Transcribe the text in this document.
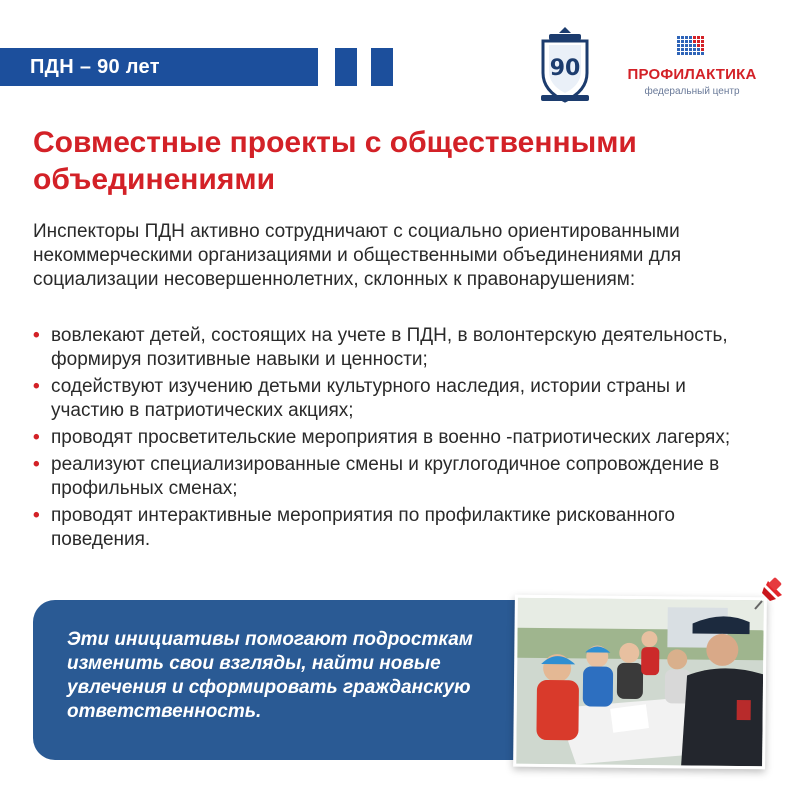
ПДН – 90 лет	90	ПРОФИЛАКТИКА
федеральный центр
Совместные проекты с общественными объединениями
Инспекторы ПДН активно сотрудничают с социально ориентированными некоммерческими организациями и общественными объединениями для социализации несовершеннолетних, склонных к правонарушениям:
• вовлекают детей, состоящих на учете в ПДН, в волонтерскую деятельность, формируя позитивные навыки и ценности;
• содействуют изучению детьми культурного наследия, истории страны и участию в патриотических акциях;
• проводят просветительские мероприятия в военно -патриотических лагерях;
• реализуют специализированные смены и круглогодичное сопровождение в профильных сменах;
• проводят интерактивные мероприятия по профилактике рискованного поведения.
Эти инициативы помогают подросткам изменить свои взгляды, найти новые увлечения и сформировать гражданскую ответственность.
